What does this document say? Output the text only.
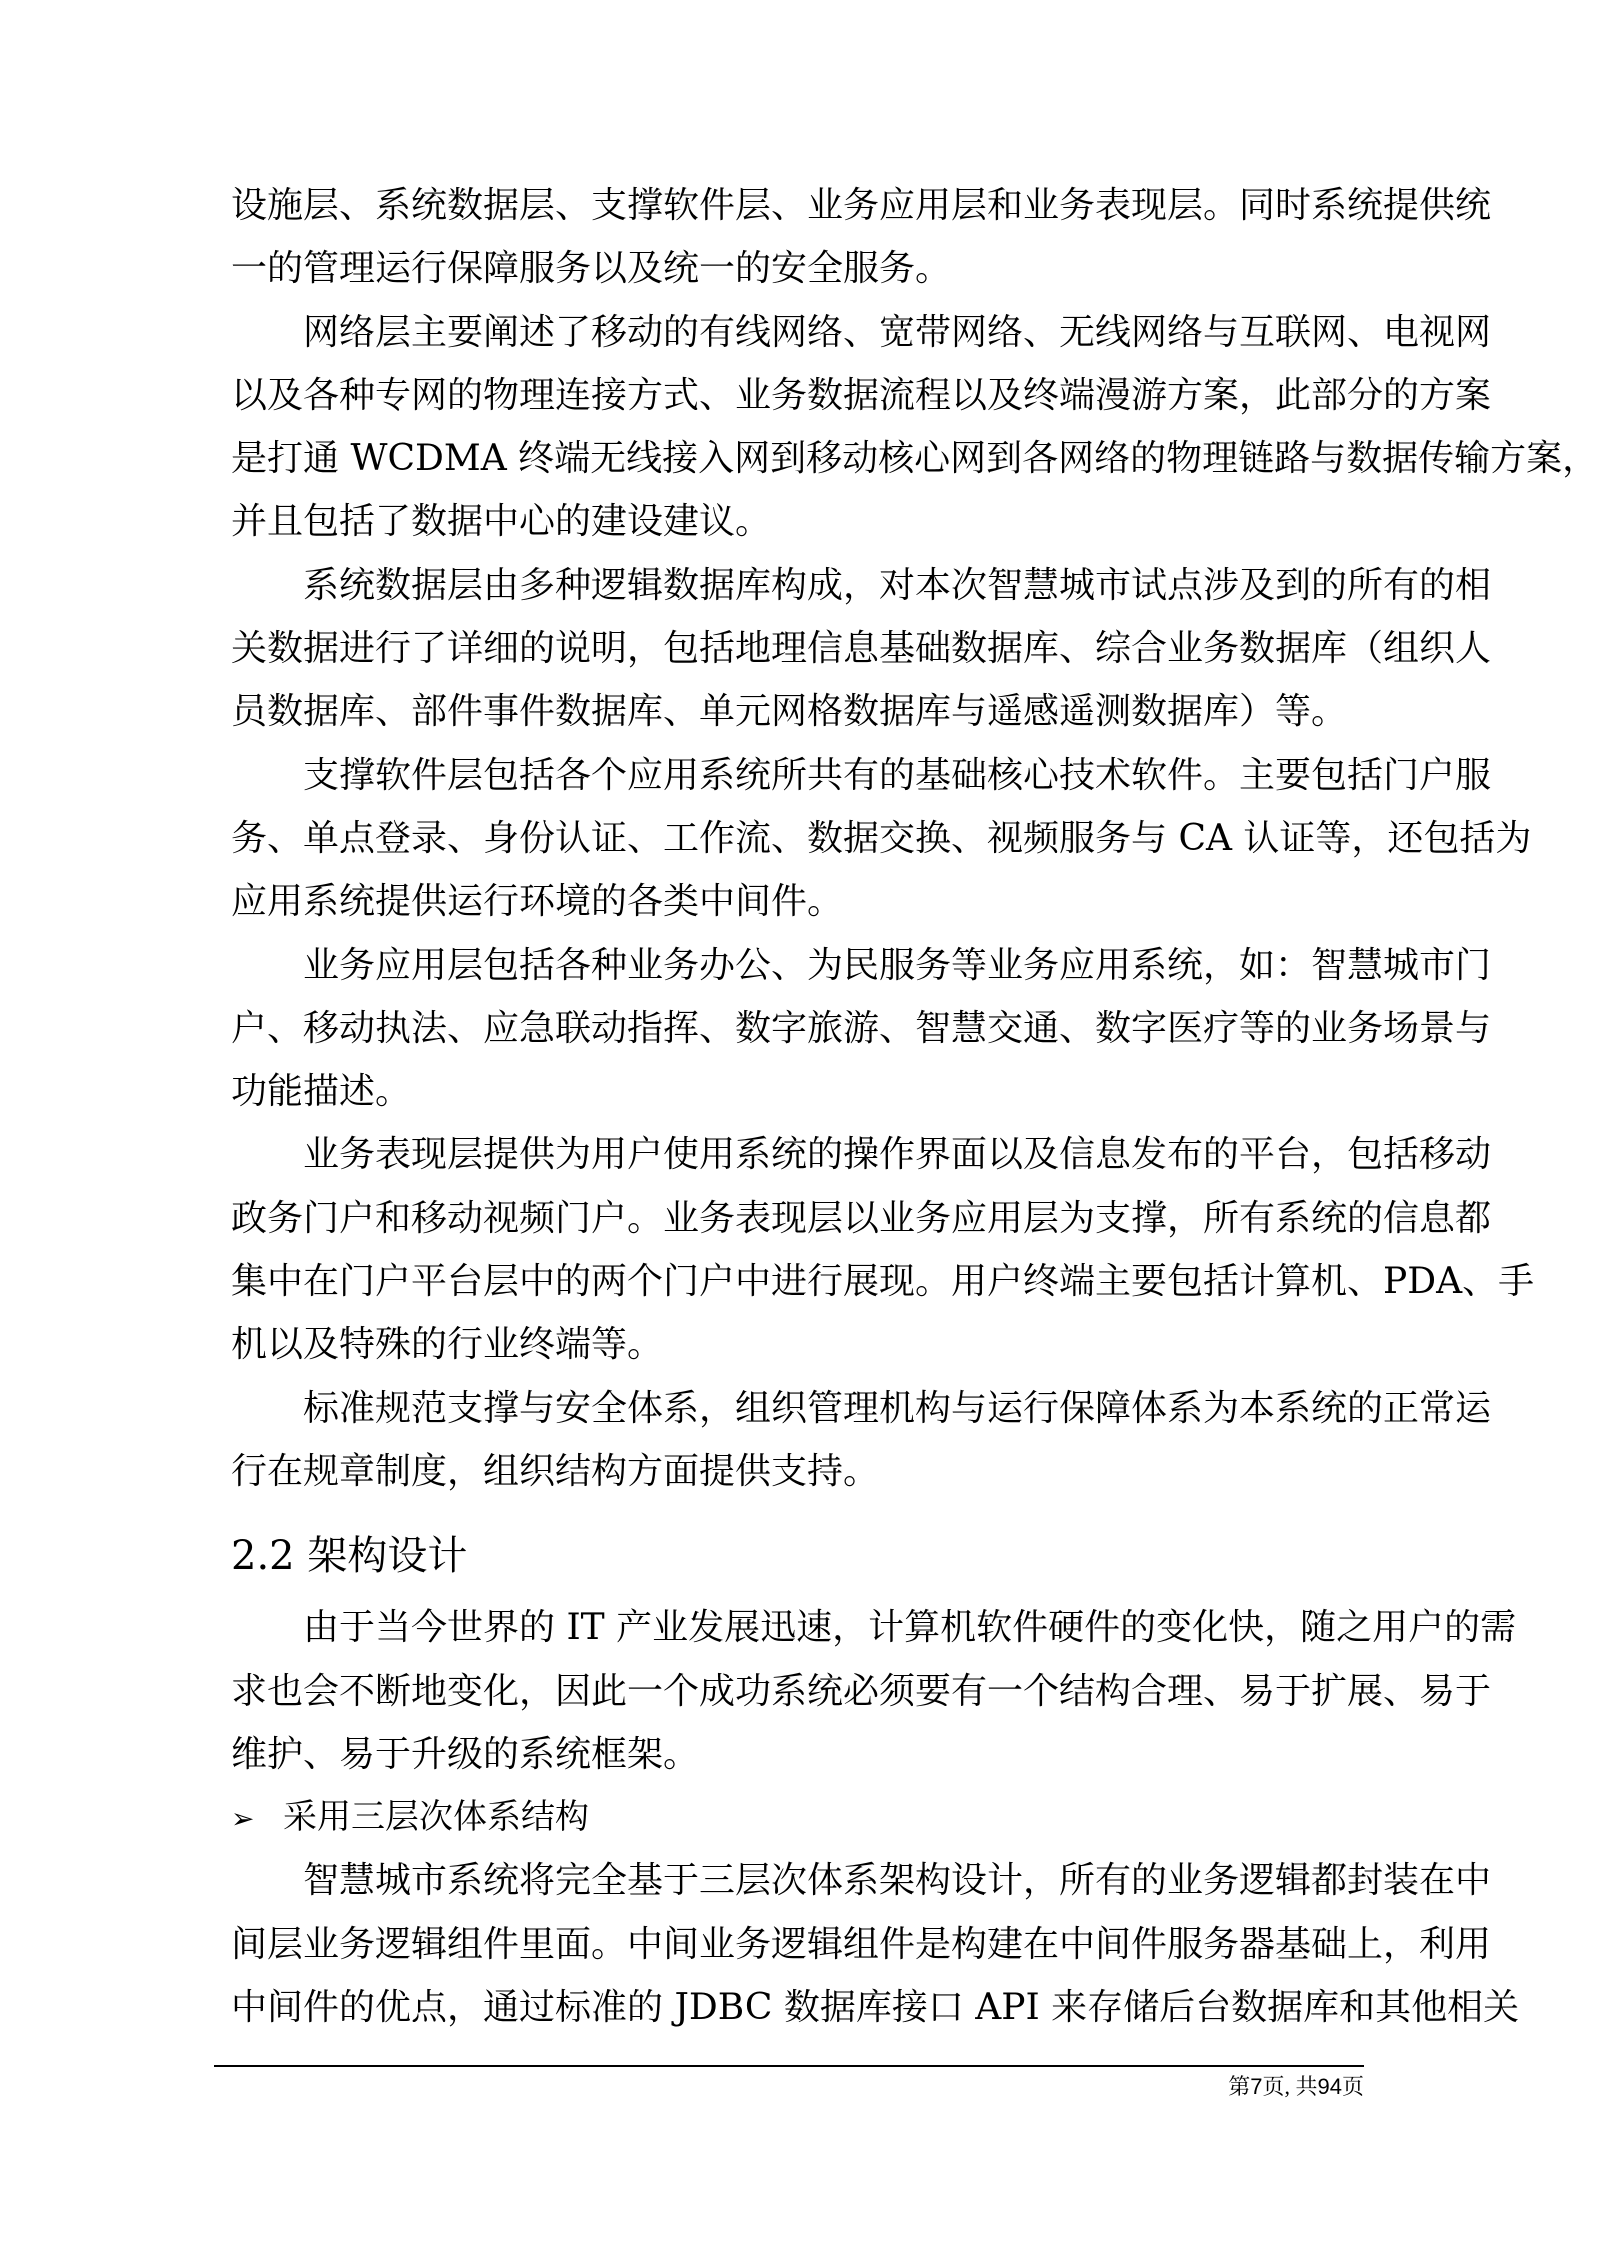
设施层、系统数据层、支撑软件层、业务应用层和业务表现层。同时系统提供统
一的管理运行保障服务以及统一的安全服务。
网络层主要阐述了移动的有线网络、宽带网络、无线网络与互联网、电视网
以及各种专网的物理连接方式、业务数据流程以及终端漫游方案，此部分的方案
是打通 WCDMA 终端无线接入网到移动核心网到各网络的物理链路与数据传输方案，
并且包括了数据中心的建设建议。
系统数据层由多种逻辑数据库构成，对本次智慧城市试点涉及到的所有的相
关数据进行了详细的说明，包括地理信息基础数据库、综合业务数据库（组织人
员数据库、部件事件数据库、单元网格数据库与遥感遥测数据库）等。
支撑软件层包括各个应用系统所共有的基础核心技术软件。主要包括门户服
务、单点登录、身份认证、工作流、数据交换、视频服务与 CA 认证等，还包括为
应用系统提供运行环境的各类中间件。
业务应用层包括各种业务办公、为民服务等业务应用系统，如：智慧城市门
户、移动执法、应急联动指挥、数字旅游、智慧交通、数字医疗等的业务场景与
功能描述。
业务表现层提供为用户使用系统的操作界面以及信息发布的平台，包括移动
政务门户和移动视频门户。业务表现层以业务应用层为支撑，所有系统的信息都
集中在门户平台层中的两个门户中进行展现。用户终端主要包括计算机、PDA、手
机以及特殊的行业终端等。
标准规范支撑与安全体系，组织管理机构与运行保障体系为本系统的正常运
行在规章制度，组织结构方面提供支持。
2.2 架构设计
由于当今世界的 IT 产业发展迅速，计算机软件硬件的变化快，随之用户的需
求也会不断地变化，因此一个成功系统必须要有一个结构合理、易于扩展、易于
维护、易于升级的系统框架。
➢ 采用三层次体系结构
智慧城市系统将完全基于三层次体系架构设计，所有的业务逻辑都封装在中
间层业务逻辑组件里面。中间业务逻辑组件是构建在中间件服务器基础上，利用
中间件的优点，通过标准的 JDBC 数据库接口 API 来存储后台数据库和其他相关
第7页, 共94页
